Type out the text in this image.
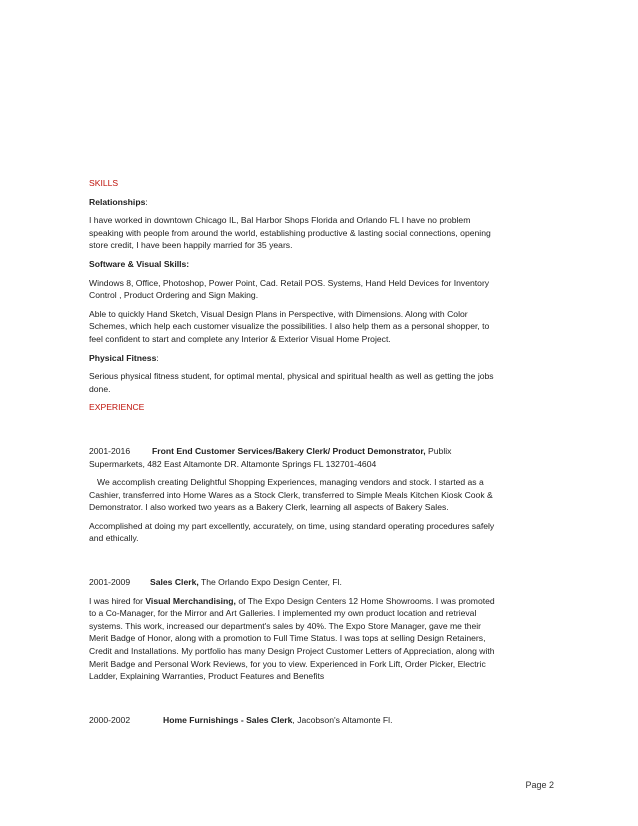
SKILLS

Relationships:

I have worked in downtown Chicago IL, Bal Harbor Shops Florida and Orlando FL I have no problem speaking with people from around the world, establishing productive & lasting social connections, opening store credit, I have been happily married for 35 years.

Software & Visual Skills:

Windows 8, Office, Photoshop, Power Point, Cad. Retail POS. Systems, Hand Held Devices for Inventory Control , Product Ordering and Sign Making.

Able to quickly Hand Sketch, Visual Design Plans in Perspective, with Dimensions. Along with Color Schemes, which help each customer visualize the possibilities. I also help them as a personal shopper, to feel confident to start and complete any Interior & Exterior Visual Home Project.

Physical Fitness:

Serious physical fitness student, for optimal mental, physical and spiritual health as well as getting the jobs done.

EXPERIENCE

2001-2016	Front End Customer Services/Bakery Clerk/ Product Demonstrator, Publix Supermarkets, 482 East Altamonte DR. Altamonte Springs FL 132701-4604

We accomplish creating Delightful Shopping Experiences, managing vendors and stock. I started as a Cashier, transferred into Home Wares as a Stock Clerk, transferred to Simple Meals Kitchen Kiosk Cook & Demonstrator. I also worked two years as a Bakery Clerk, learning all aspects of Bakery Sales.

Accomplished at doing my part excellently, accurately, on time, using standard operating procedures safely and ethically.

2001-2009 Sales Clerk, The Orlando Expo Design Center, Fl.

I was hired for Visual Merchandising, of The Expo Design Centers 12 Home Showrooms. I was promoted to a Co-Manager, for the Mirror and Art Galleries. I implemented my own product location and retrieval systems. This work, increased our department's sales by 40%. The Expo Store Manager, gave me their Merit Badge of Honor, along with a promotion to Full Time Status. I was tops at selling Design Retainers, Credit and Installations. My portfolio has many Design Project Customer Letters of Appreciation, along with Merit Badge and Personal Work Reviews, for you to view. Experienced in Fork Lift, Order Picker, Electric Ladder, Explaining Warranties, Product Features and Benefits

2000-2002	Home Furnishings - Sales Clerk, Jacobson's Altamonte Fl.

Page 2
